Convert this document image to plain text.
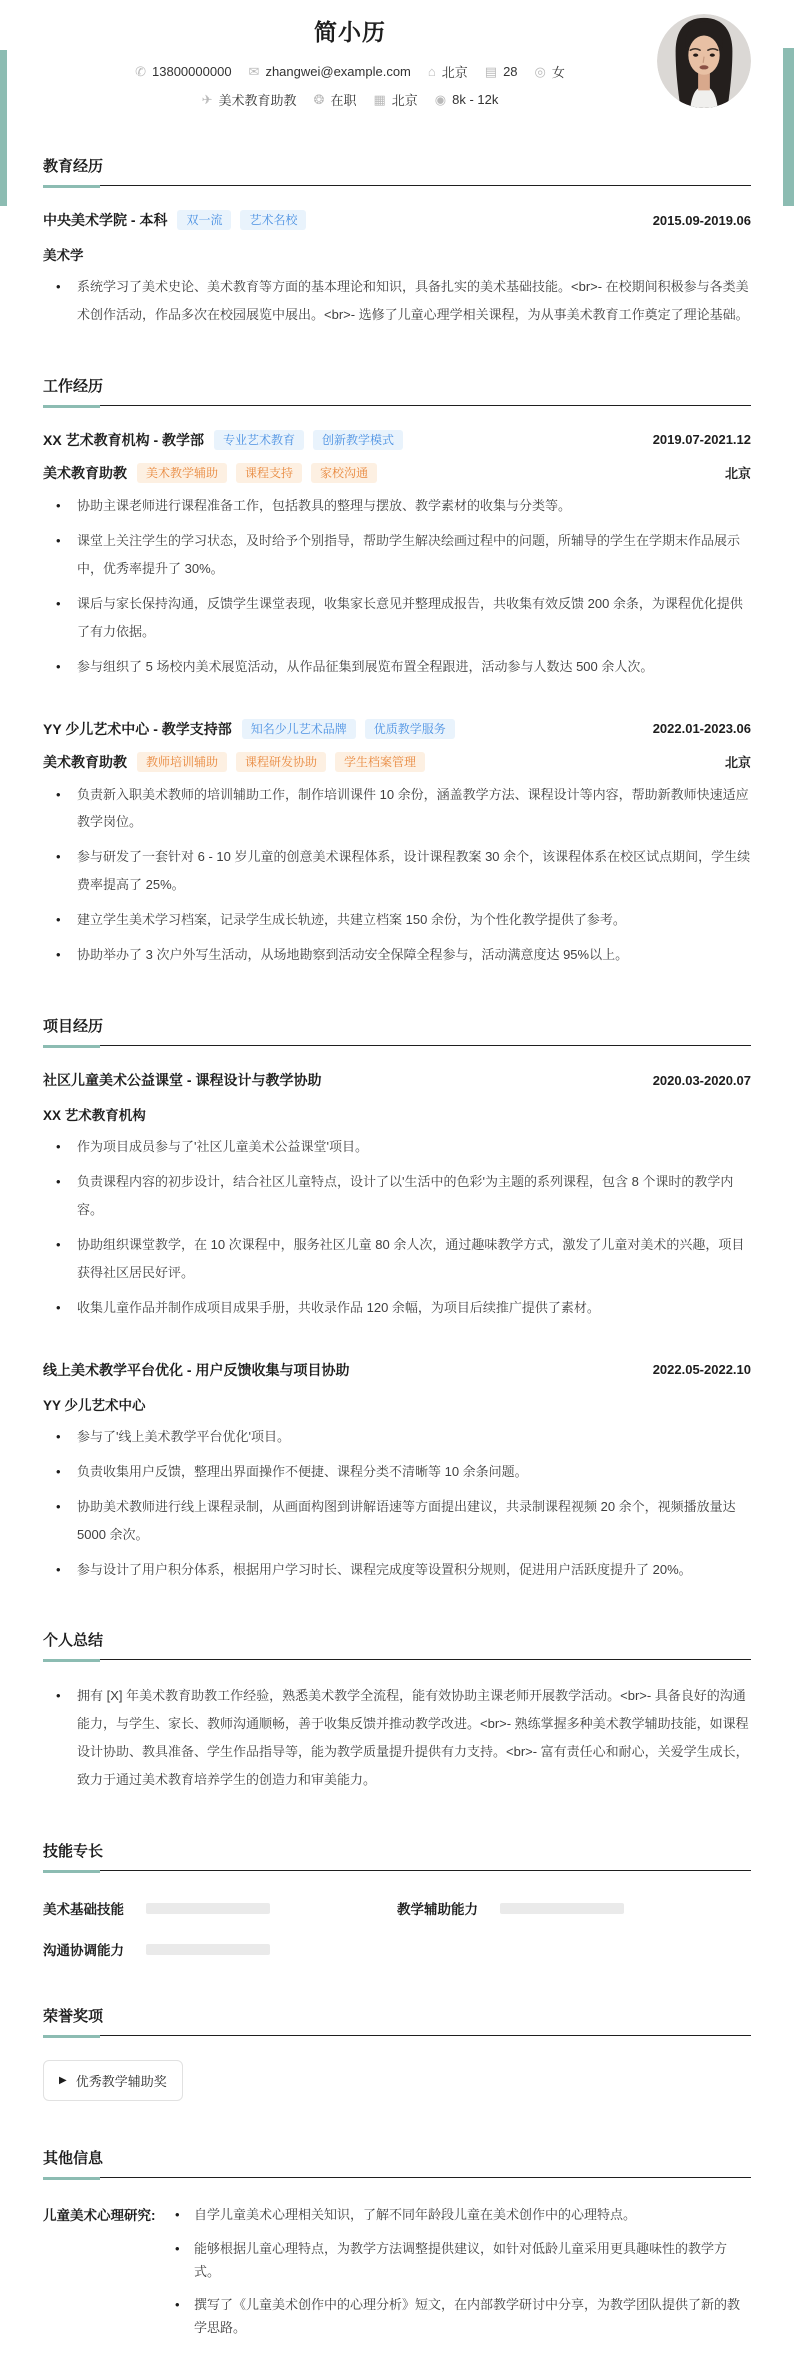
简小历
✆ 13800000000 ✉ zhangwei@example.com ⌂ 北京 ▤ 28 ◎ 女
✈ 美术教育助教 ❂ 在职 ▦ 北京 ◉ 8k - 12k
教育经历
中央美术学院 - 本科	双一流	艺术名校	2015.09-2019.06
美术学
• 系统学习了美术史论、美术教育等方面的基本理论和知识，具备扎实的美术基础技能。<br>- 在校期间积极参与各类美术创作活动，作品多次在校园展览中展出。<br>- 选修了儿童心理学相关课程，为从事美术教育工作奠定了理论基础。
工作经历
XX 艺术教育机构 - 教学部	专业艺术教育	创新教学模式	2019.07-2021.12
美术教育助教	美术教学辅助	课程支持	家校沟通	北京
• 协助主课老师进行课程准备工作，包括教具的整理与摆放、教学素材的收集与分类等。
• 课堂上关注学生的学习状态，及时给予个别指导，帮助学生解决绘画过程中的问题，所辅导的学生在学期末作品展示中，优秀率提升了 30%。
• 课后与家长保持沟通，反馈学生课堂表现，收集家长意见并整理成报告，共收集有效反馈 200 余条，为课程优化提供了有力依据。
• 参与组织了 5 场校内美术展览活动，从作品征集到展览布置全程跟进，活动参与人数达 500 余人次。
YY 少儿艺术中心 - 教学支持部	知名少儿艺术品牌	优质教学服务	2022.01-2023.06
美术教育助教	教师培训辅助	课程研发协助	学生档案管理	北京
• 负责新入职美术教师的培训辅助工作，制作培训课件 10 余份，涵盖教学方法、课程设计等内容，帮助新教师快速适应教学岗位。
• 参与研发了一套针对 6 - 10 岁儿童的创意美术课程体系，设计课程教案 30 余个，该课程体系在校区试点期间，学生续费率提高了 25%。
• 建立学生美术学习档案，记录学生成长轨迹，共建立档案 150 余份，为个性化教学提供了参考。
• 协助举办了 3 次户外写生活动，从场地勘察到活动安全保障全程参与，活动满意度达 95%以上。
项目经历
社区儿童美术公益课堂 - 课程设计与教学协助	2020.03-2020.07
XX 艺术教育机构
• 作为项目成员参与了'社区儿童美术公益课堂'项目。
• 负责课程内容的初步设计，结合社区儿童特点，设计了以'生活中的色彩'为主题的系列课程，包含 8 个课时的教学内容。
• 协助组织课堂教学，在 10 次课程中，服务社区儿童 80 余人次，通过趣味教学方式，激发了儿童对美术的兴趣，项目获得社区居民好评。
• 收集儿童作品并制作成项目成果手册，共收录作品 120 余幅，为项目后续推广提供了素材。
线上美术教学平台优化 - 用户反馈收集与项目协助	2022.05-2022.10
YY 少儿艺术中心
• 参与了'线上美术教学平台优化'项目。
• 负责收集用户反馈，整理出界面操作不便捷、课程分类不清晰等 10 余条问题。
• 协助美术教师进行线上课程录制，从画面构图到讲解语速等方面提出建议，共录制课程视频 20 余个，视频播放量达 5000 余次。
• 参与设计了用户积分体系，根据用户学习时长、课程完成度等设置积分规则，促进用户活跃度提升了 20%。
个人总结
• 拥有 [X] 年美术教育助教工作经验，熟悉美术教学全流程，能有效协助主课老师开展教学活动。<br>- 具备良好的沟通能力，与学生、家长、教师沟通顺畅，善于收集反馈并推动教学改进。<br>- 熟练掌握多种美术教学辅助技能，如课程设计协助、教具准备、学生作品指导等，能为教学质量提升提供有力支持。<br>- 富有责任心和耐心，关爱学生成长，致力于通过美术教育培养学生的创造力和审美能力。
技能专长
美术基础技能	教学辅助能力
沟通协调能力
荣誉奖项
▶ 优秀教学辅助奖
其他信息
儿童美术心理研究:	• 自学儿童美术心理相关知识，了解不同年龄段儿童在美术创作中的心理特点。
• 能够根据儿童心理特点，为教学方法调整提供建议，如针对低龄儿童采用更具趣味性的教学方式。
• 撰写了《儿童美术创作中的心理分析》短文，在内部教学研讨中分享，为教学团队提供了新的教学思路。
